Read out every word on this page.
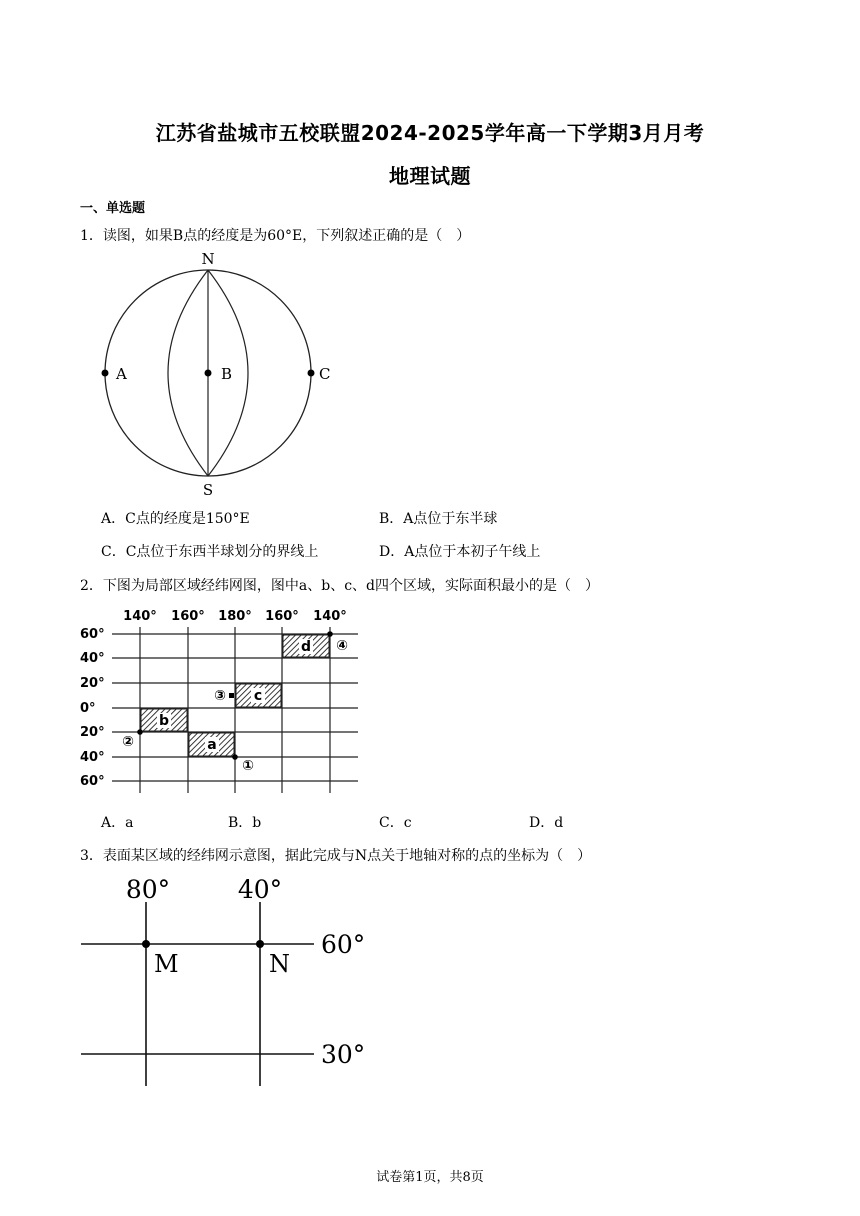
江苏省盐城市五校联盟2024-2025学年高一下学期3月月考
地理试题
一、单选题
1．读图，如果B点的经度是为60°E，下列叙述正确的是（　）
N
S
A	B	C
A．C点的经度是150°E	B．A点位于东半球
C．C点位于东西半球划分的界线上	D．A点位于本初子午线上
2．下图为局部区域经纬网图，图中a、b、c、d四个区域，实际面积最小的是（　）
140° 160° 180° 160° 140°
60°
40°
20°
0°
20°
40°
60°
a
b
c
d
①
②
③
④
A．a	B．b	C．c	D．d
3．表面某区域的经纬网示意图，据此完成与N点关于地轴对称的点的坐标为（　）
80°	40°
60°
30°
M	N
试卷第1页，共8页
